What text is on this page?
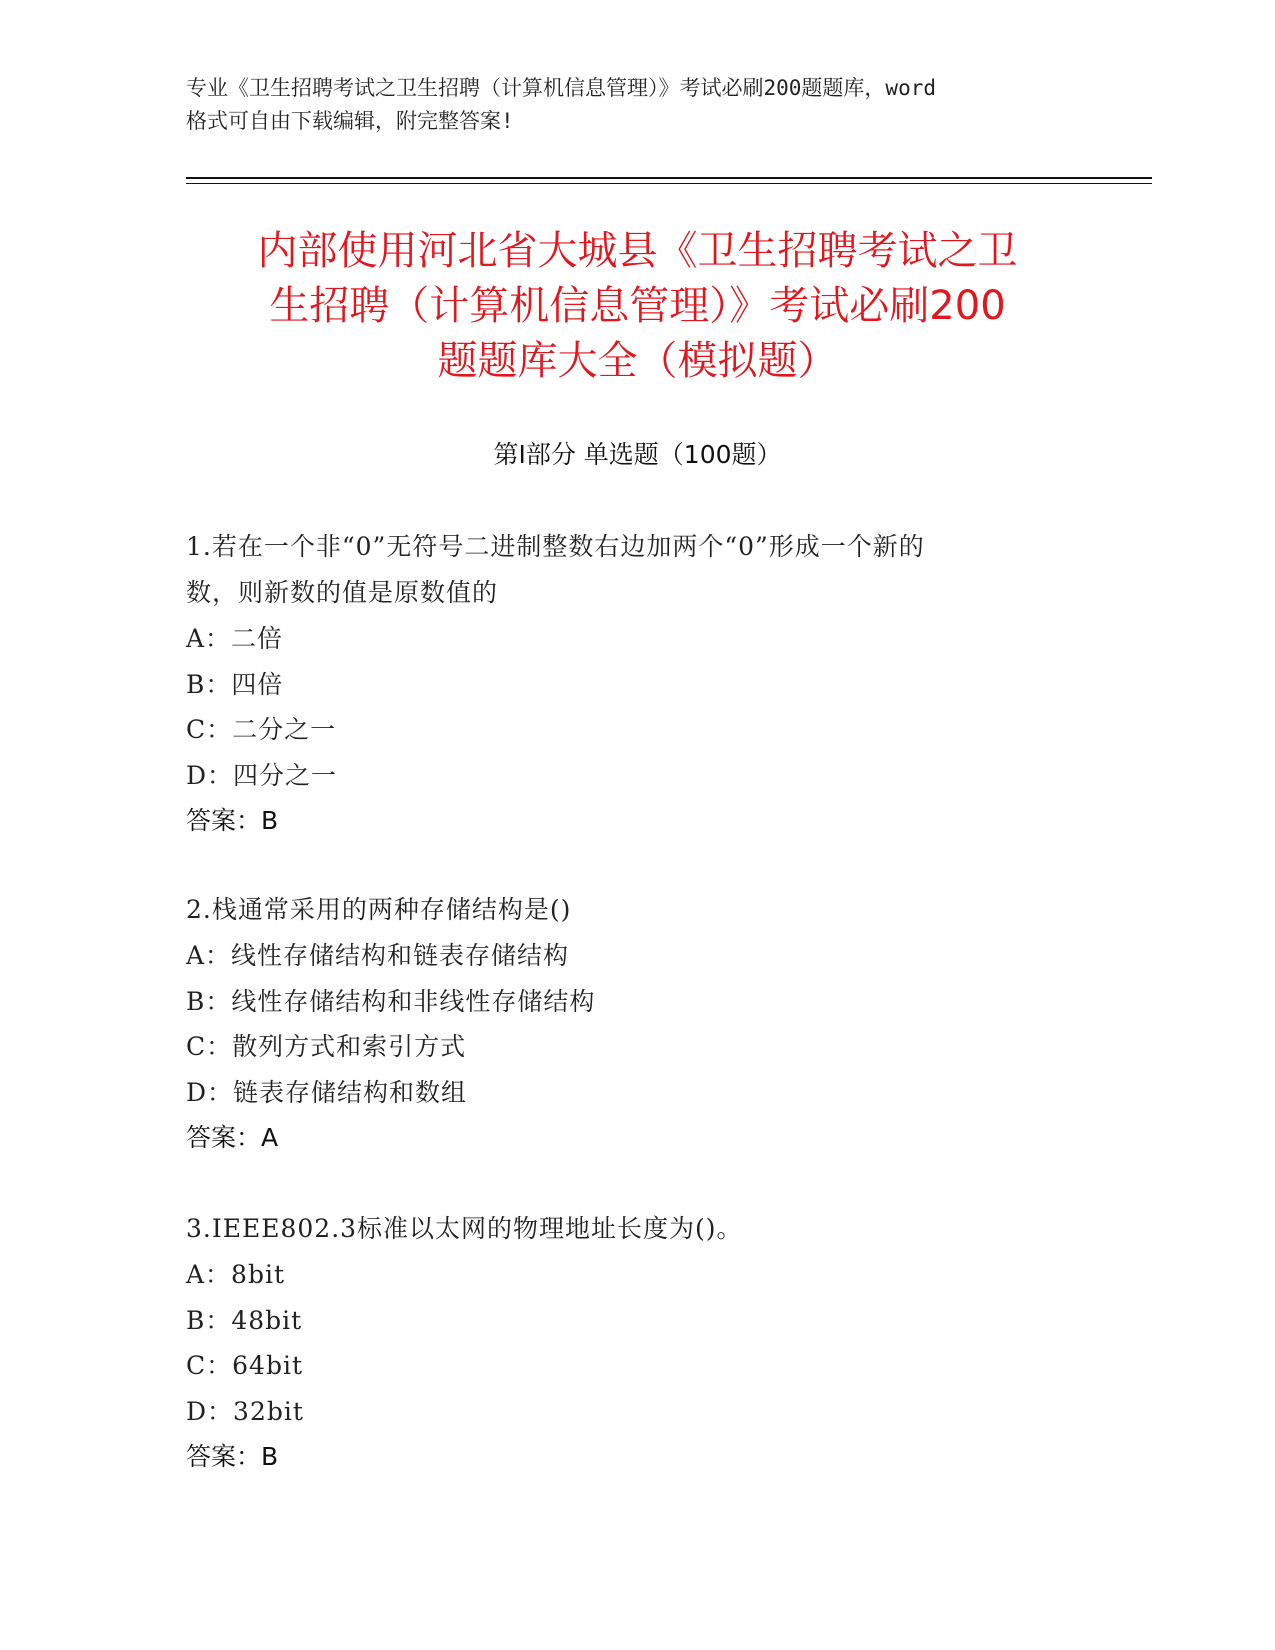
专业《卫生招聘考试之卫生招聘（计算机信息管理）》考试必刷200题题库，word
格式可自由下载编辑，附完整答案!
内部使用河北省大城县《卫生招聘考试之卫
生招聘（计算机信息管理）》考试必刷200
题题库大全（模拟题）
第Ⅰ部分 单选题（100题）
1.若在一个非“0”无符号二进制整数右边加两个“0”形成一个新的
数，则新数的值是原数值的
A：二倍
B：四倍
C：二分之一
D：四分之一
答案：B
2.栈通常采用的两种存储结构是()
A：线性存储结构和链表存储结构
B：线性存储结构和非线性存储结构
C：散列方式和索引方式
D：链表存储结构和数组
答案：A
3.IEEE802.3标准以太网的物理地址长度为()。
A：8bit
B：48bit
C：64bit
D：32bit
答案：B
